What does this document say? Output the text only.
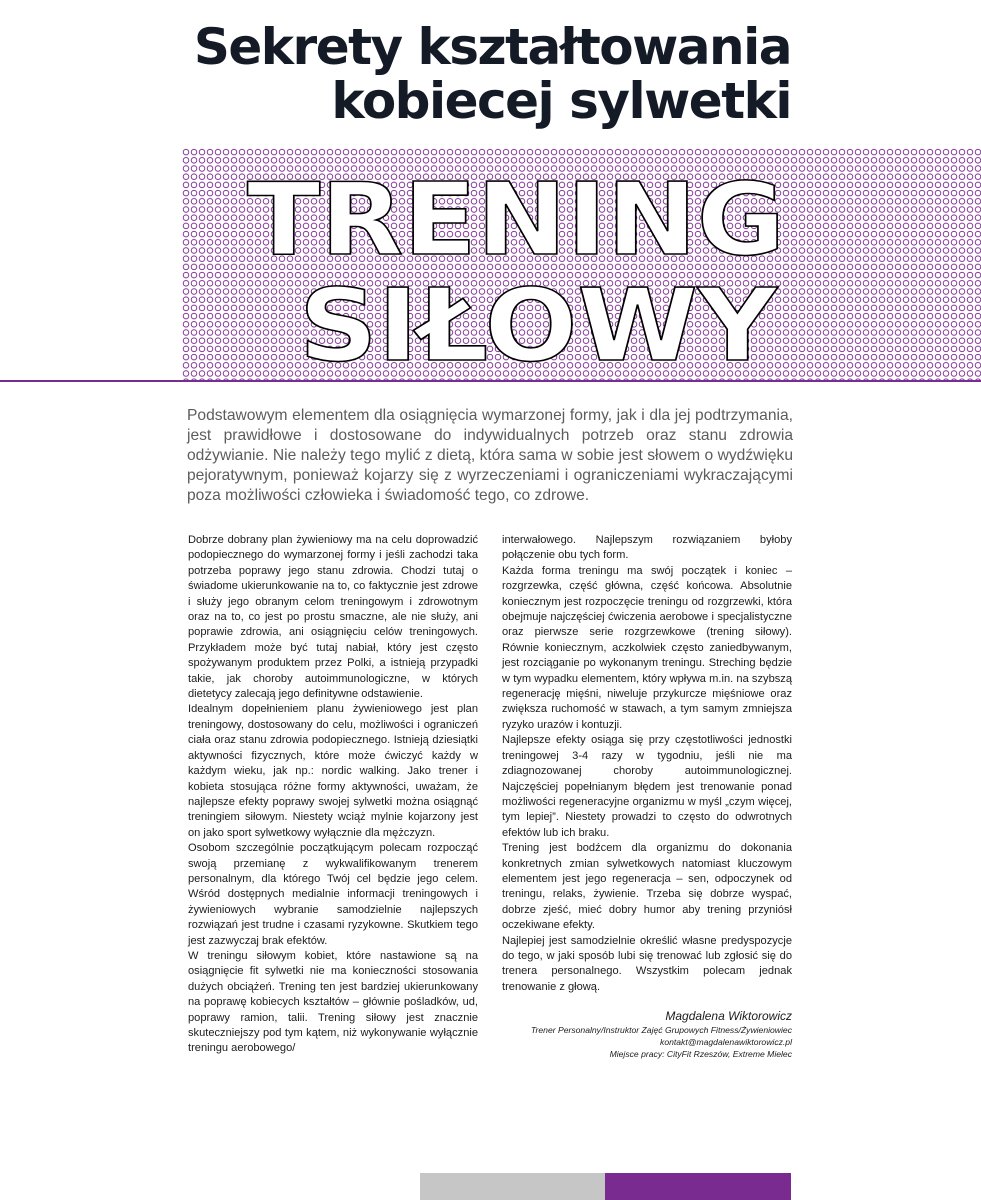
Sekrety kształtowania
kobiecej sylwetki
TRENING
SIŁOWY

Podstawowym elementem dla osiągnięcia wymarzonej formy, jak i dla jej podtrzymania, jest prawidłowe i dostosowane do indywidualnych potrzeb oraz stanu zdrowia odżywianie. Nie należy tego mylić z dietą, która sama w sobie jest słowem o wydźwięku pejoratywnym, ponieważ kojarzy się z wyrzeczeniami i ograniczeniami wykraczającymi poza możliwości człowieka i świadomość tego, co zdrowe.

Dobrze dobrany plan żywieniowy ma na celu doprowadzić podopiecznego do wymarzonej formy i jeśli zachodzi taka potrzeba poprawy jego stanu zdrowia. Chodzi tutaj o świadome ukierunkowanie na to, co faktycznie jest zdrowe i służy jego obranym celom treningowym i zdrowotnym oraz na to, co jest po prostu smaczne, ale nie służy, ani poprawie zdrowia, ani osiągnięciu celów treningowych. Przykładem może być tutaj nabiał, który jest często spożywanym produktem przez Polki, a istnieją przypadki takie, jak choroby autoimmunologiczne, w których dietetycy zalecają jego definitywne odstawienie.

Idealnym dopełnieniem planu żywieniowego jest plan treningowy, dostosowany do celu, możliwości i ograniczeń ciała oraz stanu zdrowia podopiecznego. Istnieją dziesiątki aktywności fizycznych, które może ćwiczyć każdy w każdym wieku, jak np.: nordic walking. Jako trener i kobieta stosująca różne formy aktywności, uważam, że najlepsze efekty poprawy swojej sylwetki można osiągnąć treningiem siłowym. Niestety wciąż mylnie kojarzony jest on jako sport sylwetkowy wyłącznie dla mężczyzn.

Osobom szczególnie początkującym polecam rozpocząć swoją przemianę z wykwalifikowanym trenerem personalnym, dla którego Twój cel będzie jego celem. Wśród dostępnych medialnie informacji treningowych i żywieniowych wybranie samodzielnie najlepszych rozwiązań jest trudne i czasami ryzykowne. Skutkiem tego jest zazwyczaj brak efektów.

W treningu siłowym kobiet, które nastawione są na osiągnięcie fit sylwetki nie ma konieczności stosowania dużych obciążeń. Trening ten jest bardziej ukierunkowany na poprawę kobiecych kształtów – głównie pośladków, ud, poprawy ramion, talii. Trening siłowy jest znacznie skuteczniejszy pod tym kątem, niż wykonywanie wyłącznie treningu aerobowego/

interwałowego. Najlepszym rozwiązaniem byłoby połączenie obu tych form.

Każda forma treningu ma swój początek i koniec – rozgrzewka, część główna, część końcowa. Absolutnie koniecznym jest rozpoczęcie treningu od rozgrzewki, która obejmuje najczęściej ćwiczenia aerobowe i specjalistyczne oraz pierwsze serie rozgrzewkowe (trening siłowy). Równie koniecznym, aczkolwiek często zaniedbywanym, jest rozciąganie po wykonanym treningu. Streching będzie w tym wypadku elementem, który wpływa m.in. na szybszą regenerację mięśni, niweluje przykurcze mięśniowe oraz zwiększa ruchomość w stawach, a tym samym zmniejsza ryzyko urazów i kontuzji.

Najlepsze efekty osiąga się przy częstotliwości jednostki treningowej 3-4 razy w tygodniu, jeśli nie ma zdiagnozowanej choroby autoimmunologicznej. Najczęściej popełnianym błędem jest trenowanie ponad możliwości regeneracyjne organizmu w myśl „czym więcej, tym lepiej”. Niestety prowadzi to często do odwrotnych efektów lub ich braku.

Trening jest bodźcem dla organizmu do dokonania konkretnych zmian sylwetkowych natomiast kluczowym elementem jest jego regeneracja – sen, odpoczynek od treningu, relaks, żywienie. Trzeba się dobrze wyspać, dobrze zjeść, mieć dobry humor aby trening przyniósł oczekiwane efekty.

Najlepiej jest samodzielnie określić własne predyspozycje do tego, w jaki sposób lubi się trenować lub zgłosić się do trenera personalnego. Wszystkim polecam jednak trenowanie z głową.

Magdalena Wiktorowicz
Trener Personalny/Instruktor Zajęć Grupowych Fitness/Żywieniowiec
kontakt@magdalenawiktorowicz.pl
Miejsce pracy: CityFit Rzeszów, Extreme Mielec
